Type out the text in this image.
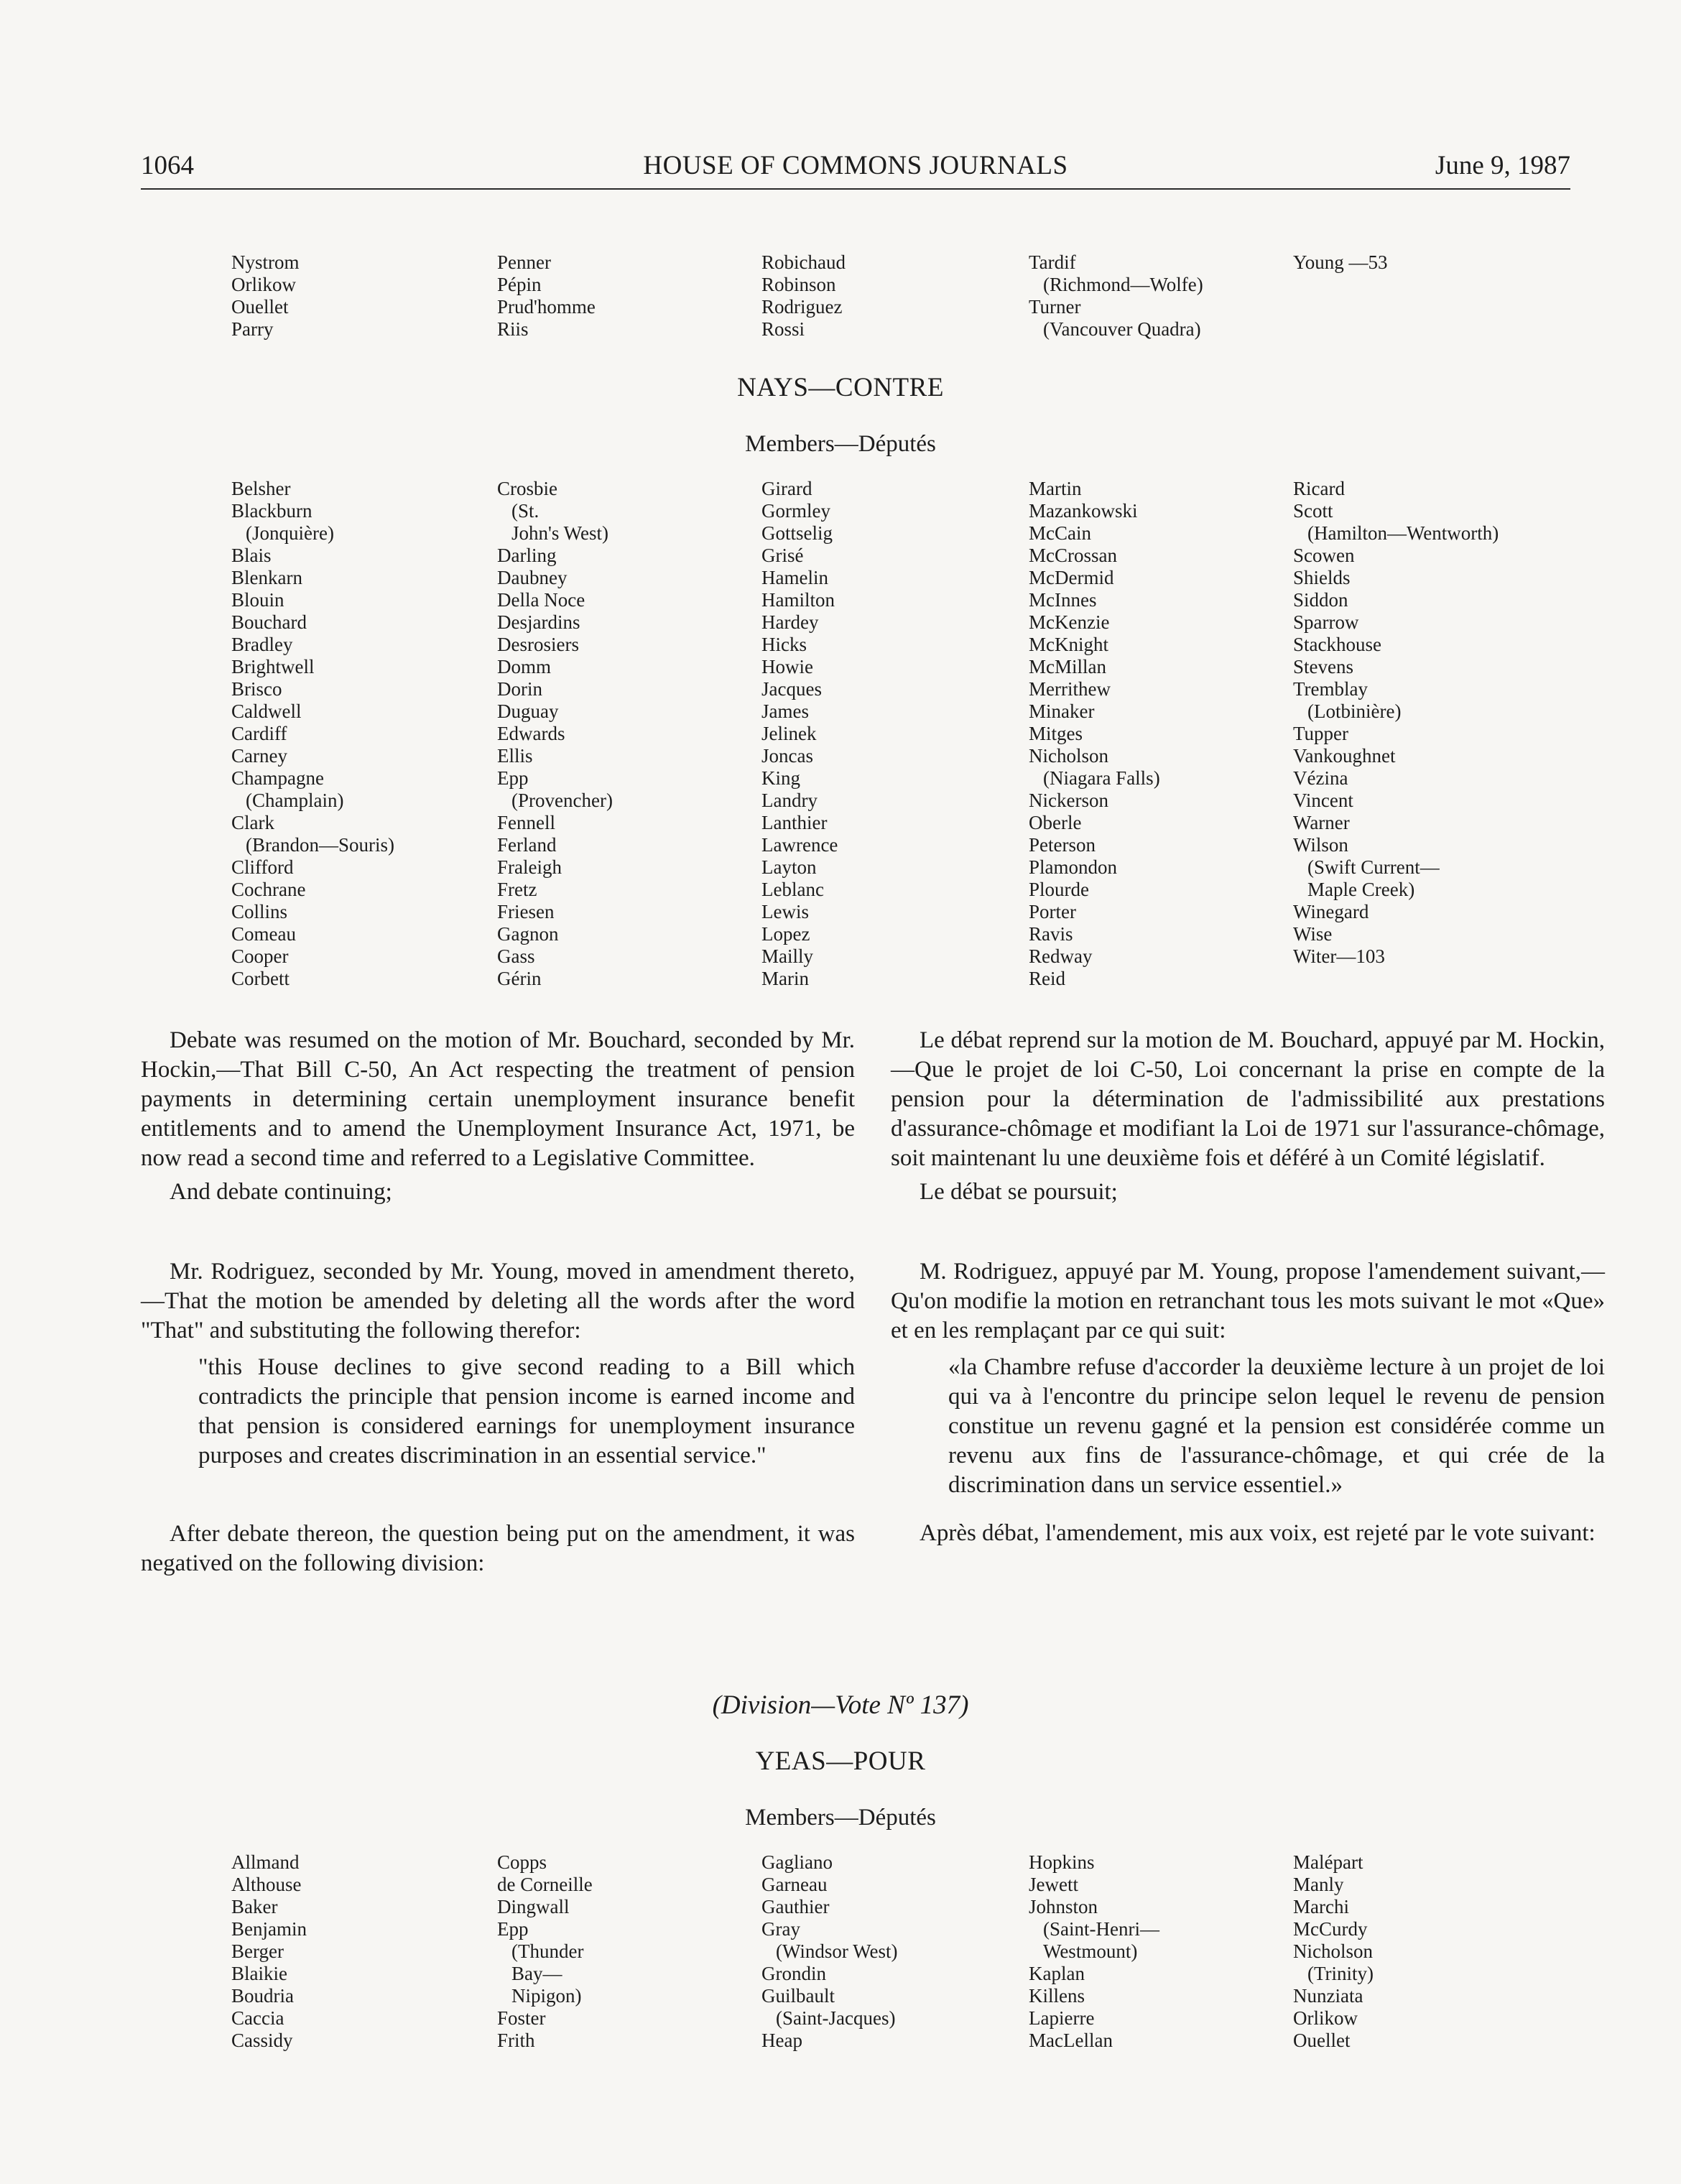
HOUSE OF COMMONS JOURNALS
1064	June 9, 1987
Nystrom
Orlikow
Ouellet
Parry
Penner
Pépin
Prud'homme
Riis
Robichaud
Robinson
Rodriguez
Rossi
Tardif
(Richmond—Wolfe)
Turner
(Vancouver Quadra)
Young —53
NAYS—CONTRE
Members—Députés
Belsher
Blackburn
(Jonquière)
Blais
Blenkarn
Blouin
Bouchard
Bradley
Brightwell
Brisco
Caldwell
Cardiff
Carney
Champagne
(Champlain)
Clark
(Brandon—Souris)
Clifford
Cochrane
Collins
Comeau
Cooper
Corbett
Crosbie
(St.
John's West)
Darling
Daubney
Della Noce
Desjardins
Desrosiers
Domm
Dorin
Duguay
Edwards
Ellis
Epp
(Provencher)
Fennell
Ferland
Fraleigh
Fretz
Friesen
Gagnon
Gass
Gérin
Girard
Gormley
Gottselig
Grisé
Hamelin
Hamilton
Hardey
Hicks
Howie
Jacques
James
Jelinek
Joncas
King
Landry
Lanthier
Lawrence
Layton
Leblanc
Lewis
Lopez
Mailly
Marin
Martin
Mazankowski
McCain
McCrossan
McDermid
McInnes
McKenzie
McKnight
McMillan
Merrithew
Minaker
Mitges
Nicholson
(Niagara Falls)
Nickerson
Oberle
Peterson
Plamondon
Plourde
Porter
Ravis
Redway
Reid
Ricard
Scott
(Hamilton—Wentworth)
Scowen
Shields
Siddon
Sparrow
Stackhouse
Stevens
Tremblay
(Lotbinière)
Tupper
Vankoughnet
Vézina
Vincent
Warner
Wilson
(Swift Current—
Maple Creek)
Winegard
Wise
Witer—103

Debate was resumed on the motion of Mr. Bouchard, seconded by Mr. Hockin,—That Bill C-50, An Act respecting the treatment of pension payments in determining certain unemployment insurance benefit entitlements and to amend the Unemployment Insurance Act, 1971, be now read a second time and referred to a Legislative Committee.

And debate continuing;

Mr. Rodriguez, seconded by Mr. Young, moved in amendment thereto,—That the motion be amended by deleting all the words after the word "That" and substituting the following therefor:

"this House declines to give second reading to a Bill which contradicts the principle that pension income is earned income and that pension is considered earnings for unemployment insurance purposes and creates discrimination in an essential service."

After debate thereon, the question being put on the amendment, it was negatived on the following division:

Le débat reprend sur la motion de M. Bouchard, appuyé par M. Hockin,—Que le projet de loi C-50, Loi concernant la prise en compte de la pension pour la détermination de l'admissibilité aux prestations d'assurance-chômage et modifiant la Loi de 1971 sur l'assurance-chômage, soit maintenant lu une deuxième fois et déféré à un Comité législatif.

Le débat se poursuit;

M. Rodriguez, appuyé par M. Young, propose l'amendement suivant,—Qu'on modifie la motion en retranchant tous les mots suivant le mot «Que» et en les remplaçant par ce qui suit:

«la Chambre refuse d'accorder la deuxième lecture à un projet de loi qui va à l'encontre du principe selon lequel le revenu de pension constitue un revenu gagné et la pension est considérée comme un revenu aux fins de l'assurance-chômage, et qui crée de la discrimination dans un service essentiel.»

Après débat, l'amendement, mis aux voix, est rejeté par le vote suivant:

(Division—Vote Nº 137)
YEAS—POUR
Members—Députés
Allmand
Althouse
Baker
Benjamin
Berger
Blaikie
Boudria
Caccia
Cassidy
Copps
de Corneille
Dingwall
Epp
(Thunder
Bay—
Nipigon)
Foster
Frith
Gagliano
Garneau
Gauthier
Gray
(Windsor West)
Grondin
Guilbault
(Saint-Jacques)
Heap
Hopkins
Jewett
Johnston
(Saint-Henri—
Westmount)
Kaplan
Killens
Lapierre
MacLellan
Malépart
Manly
Marchi
McCurdy
Nicholson
(Trinity)
Nunziata
Orlikow
Ouellet
